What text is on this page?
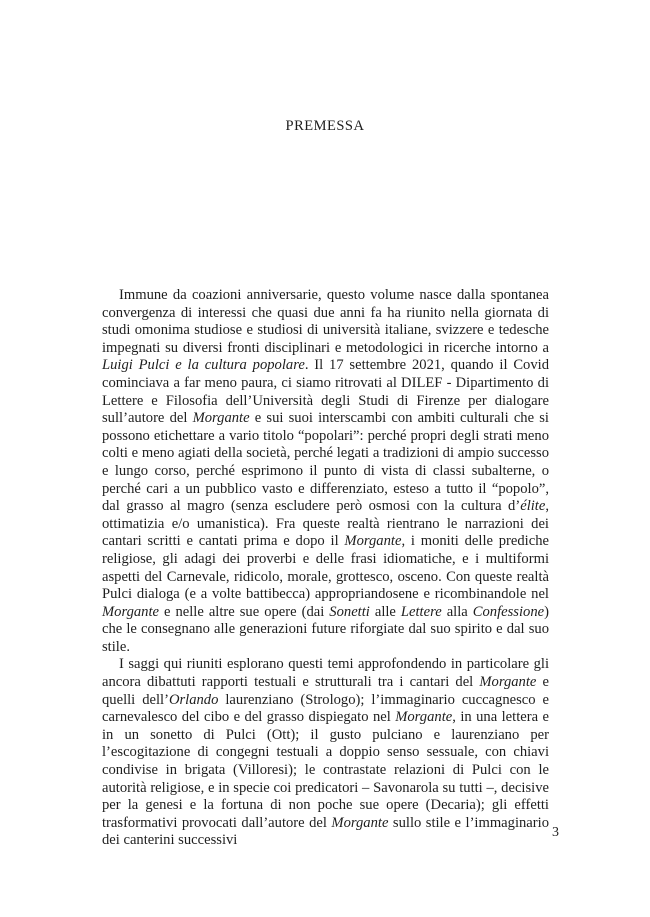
PREMESSA

Immune da coazioni anniversarie, questo volume nasce dalla spontanea convergenza di interessi che quasi due anni fa ha riunito nella giornata di studi omonima studiose e studiosi di università italiane, svizzere e tedesche impegnati su diversi fronti disciplinari e metodologici in ricerche intorno a Luigi Pulci e la cultura popolare. Il 17 settembre 2021, quando il Covid cominciava a far meno paura, ci siamo ritrovati al DILEF - Dipartimento di Lettere e Filosofia dell’Università degli Studi di Firenze per dialogare sull’autore del Morgante e sui suoi interscambi con ambiti culturali che si possono etichettare a vario titolo “popolari”: perché propri degli strati meno colti e meno agiati della società, perché legati a tradizioni di ampio successo e lungo corso, perché esprimono il punto di vista di classi subalterne, o perché cari a un pubblico vasto e differenziato, esteso a tutto il “popolo”, dal grasso al magro (senza escludere però osmosi con la cultura d’élite, ottimatizia e/o umanistica). Fra queste realtà rientrano le narrazioni dei cantari scritti e cantati prima e dopo il Morgante, i moniti delle prediche religiose, gli adagi dei proverbi e delle frasi idiomatiche, e i multiformi aspetti del Carnevale, ridicolo, morale, grottesco, osceno. Con queste realtà Pulci dialoga (e a volte battibecca) appropriandosene e ricombinandole nel Morgante e nelle altre sue opere (dai Sonetti alle Lettere alla Confessione) che le consegnano alle generazioni future riforgiate dal suo spirito e dal suo stile.

I saggi qui riuniti esplorano questi temi approfondendo in particolare gli ancora dibattuti rapporti testuali e strutturali tra i cantari del Morgante e quelli dell’Orlando laurenziano (Strologo); l’immaginario cuccagnesco e carnevalesco del cibo e del grasso dispiegato nel Morgante, in una lettera e in un sonetto di Pulci (Ott); il gusto pulciano e laurenziano per l’escogitazione di congegni testuali a doppio senso sessuale, con chiavi condivise in brigata (Villoresi); le contrastate relazioni di Pulci con le autorità religiose, e in specie coi predicatori – Savonarola su tutti –, decisive per la genesi e la fortuna di non poche sue opere (Decaria); gli effetti trasformativi provocati dall’autore del Morgante sullo stile e l’immaginario dei canterini successivi	3
